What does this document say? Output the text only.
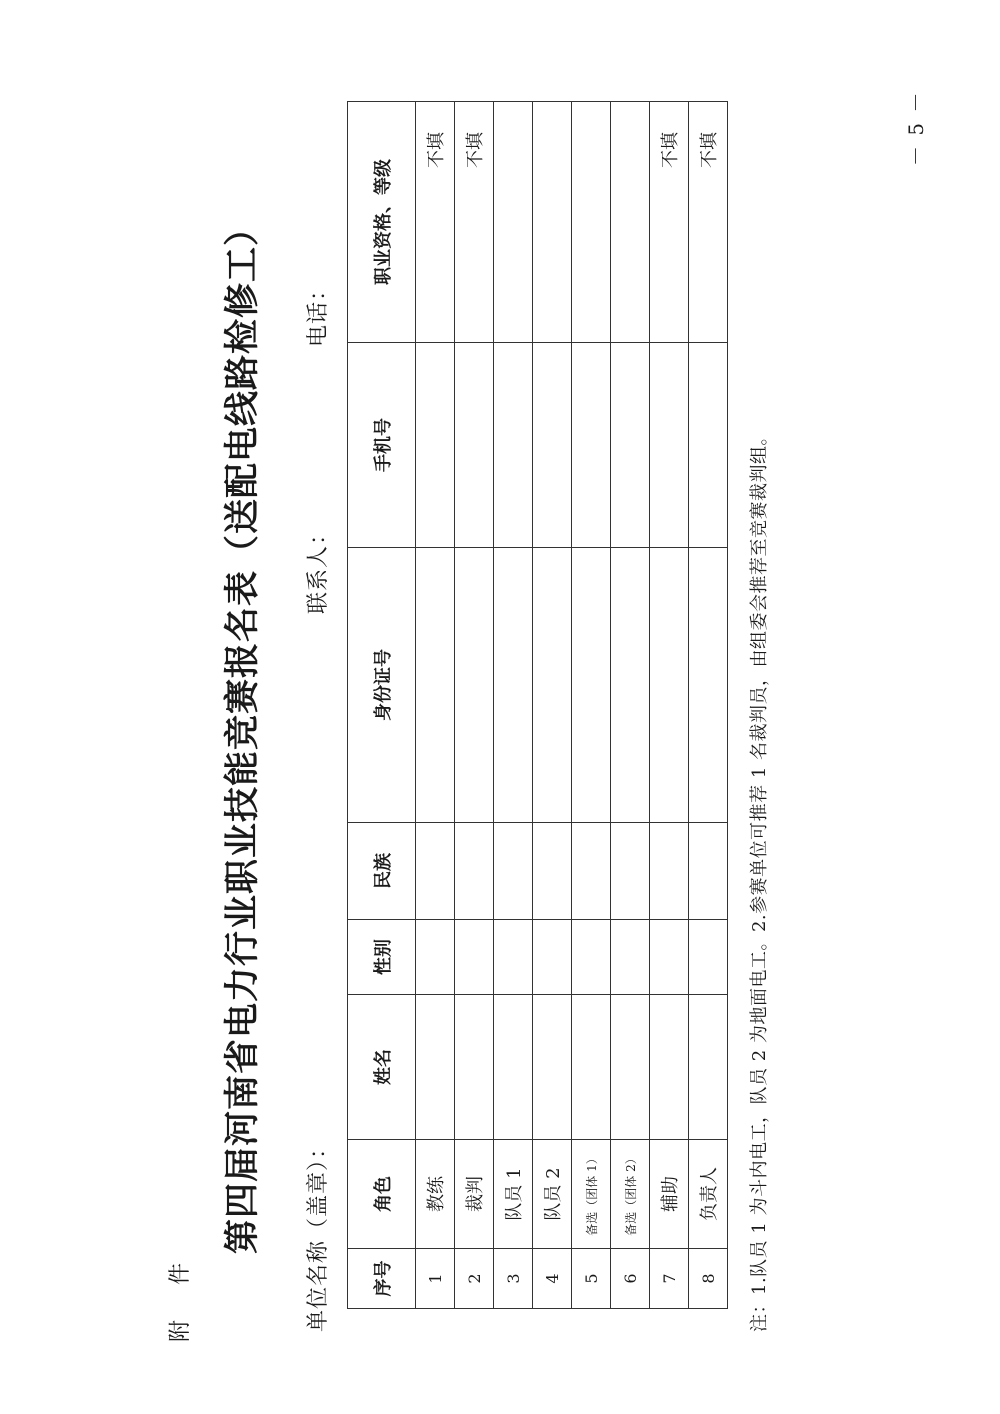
附 件
第四届河南省电力行业职业技能竞赛报名表（送配电线路检修工） 单位名称（盖章）：
联系人：
电话：
序号	角色	姓名	性别	民族	身份证号	手机号	职业资格、等级
1	教练						不填
2	裁判						不填
3	队员 1						
4	队员 2						
5	备选（团体 1）						
6	备选（团体 2）						
7	辅助						不填
8	负责人						不填
注：1.队员 1 为斗内电工，队员 2 为地面电工。2.参赛单位可推荐 1 名裁判员，由组委会推荐至竞赛裁判组。
－ 5 －
